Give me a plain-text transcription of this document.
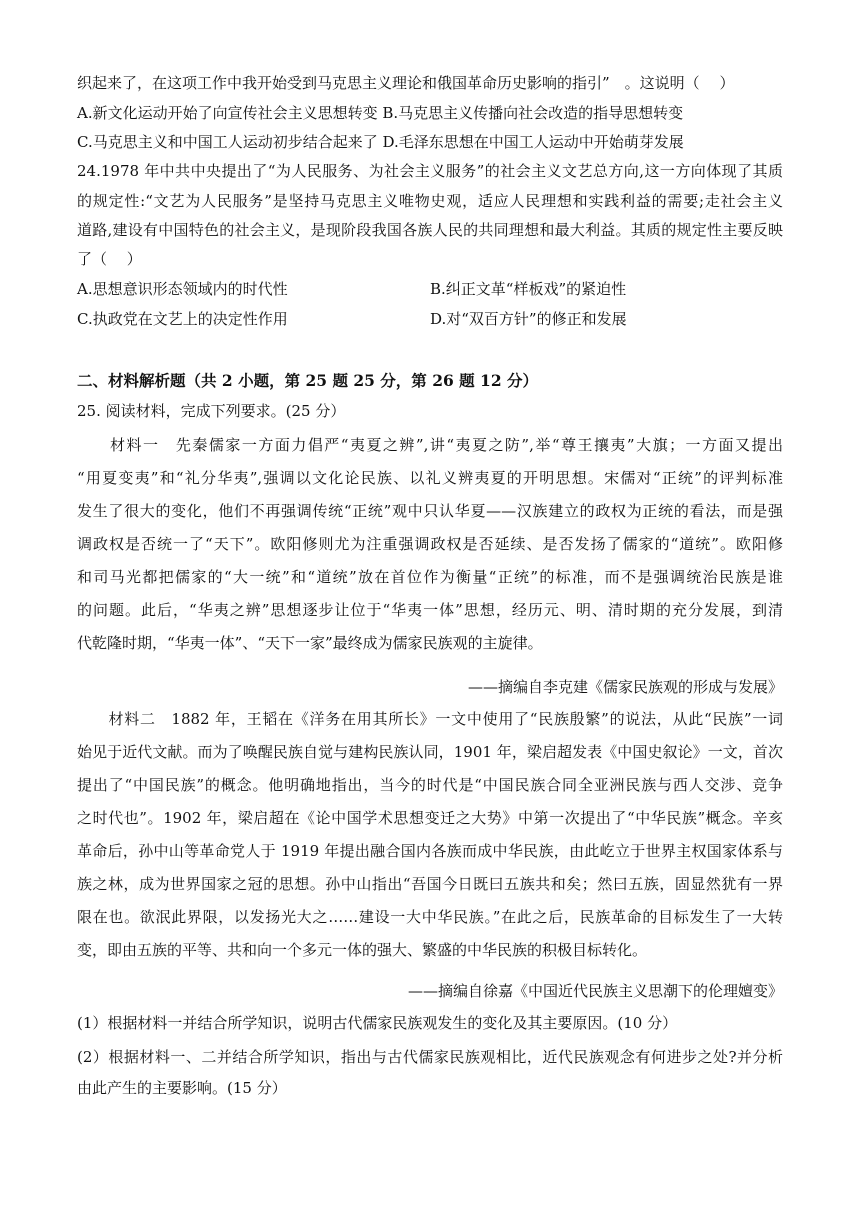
织起来了，在这项工作中我开始受到马克思主义理论和俄国革命历史影响的指引”　。这说明（　 ）
A.新文化运动开始了向宣传社会主义思想转变 B.马克思主义传播向社会改造的指导思想转变
C.马克思主义和中国工人运动初步结合起来了 D.毛泽东思想在中国工人运动中开始萌芽发展
24.1978 年中共中央提出了“为人民服务、为社会主义服务”的社会主义文艺总方向,这一方向体现了其质
的规定性:“文艺为人民服务”是坚持马克思主义唯物史观，适应人民理想和实践利益的需要;走社会主义
道路,建设有中国特色的社会主义，是现阶段我国各族人民的共同理想和最大利益。其质的规定性主要反映
了（　 ）
A.思想意识形态领域内的时代性	B.纠正文革“样板戏”的紧迫性
C.执政党在文艺上的决定性作用	D.对“双百方针”的修正和发展
二、材料解析题（共 2 小题，第 25 题 25 分，第 26 题 12 分）
25. 阅读材料，完成下列要求。(25 分）
　　材料一　先秦儒家一方面力倡严“夷夏之辨”,讲“夷夏之防”,举“尊王攘夷”大旗；一方面又提出
“用夏变夷”和“礼分华夷”,强调以文化论民族、以礼义辨夷夏的开明思想。宋儒对“正统”的评判标准
发生了很大的变化，他们不再强调传统“正统”观中只认华夏——汉族建立的政权为正统的看法，而是强
调政权是否统一了“天下”。欧阳修则尤为注重强调政权是否延续、是否发扬了儒家的“道统”。欧阳修
和司马光都把儒家的“大一统”和“道统”放在首位作为衡量“正统”的标准，而不是强调统治民族是谁
的问题。此后，“华夷之辨”思想逐步让位于“华夷一体”思想，经历元、明、清时期的充分发展，到清
代乾隆时期，“华夷一体”、“天下一家”最终成为儒家民族观的主旋律。
——摘编自李克建《儒家民族观的形成与发展》
　　材料二　1882 年，王韬在《洋务在用其所长》一文中使用了“民族殷繁”的说法，从此“民族”一词
始见于近代文献。而为了唤醒民族自觉与建构民族认同，1901 年，梁启超发表《中国史叙论》一文，首次
提出了“中国民族”的概念。他明确地指出，当今的时代是“中国民族合同全亚洲民族与西人交涉、竞争
之时代也”。1902 年，梁启超在《论中国学术思想变迁之大势》中第一次提出了“中华民族”概念。辛亥
革命后，孙中山等革命党人于 1919 年提出融合国内各族而成中华民族，由此屹立于世界主权国家体系与
族之林，成为世界国家之冠的思想。孙中山指出“吾国今日既曰五族共和矣；然曰五族，固显然犹有一界
限在也。欲泯此界限，以发扬光大之……建设一大中华民族。”在此之后，民族革命的目标发生了一大转
变，即由五族的平等、共和向一个多元一体的强大、繁盛的中华民族的积极目标转化。
——摘编自徐嘉《中国近代民族主义思潮下的伦理嬗变》
(1）根据材料一并结合所学知识，说明古代儒家民族观发生的变化及其主要原因。(10 分）
(2）根据材料一、二并结合所学知识，指出与古代儒家民族观相比，近代民族观念有何进步之处?并分析
由此产生的主要影响。(15 分）
